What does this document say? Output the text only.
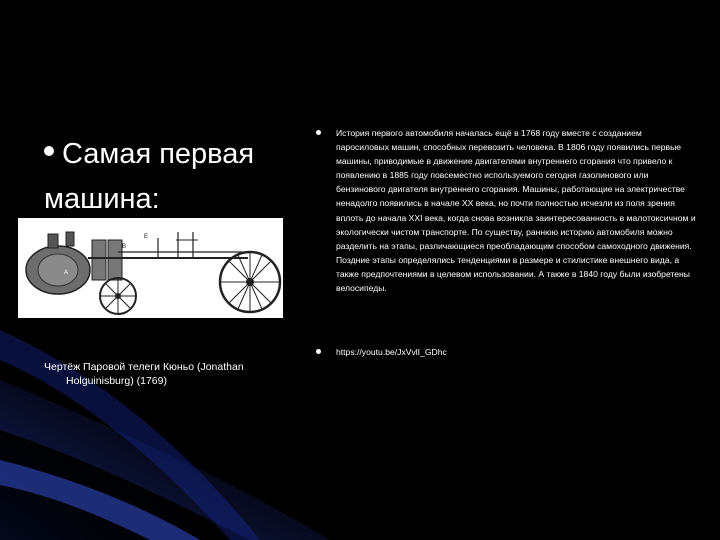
Самая первая
машина:
E
B
A
Чертёж Паровой телеги Кюньо (Jonathan
Holguinisburg) (1769)
История первого автомобиля началась ещё в 1768 году вместе с созданием паросиловых машин, способных перевозить человека. В 1806 году появились первые машины, приводимые в движение двигателями внутреннего сгорания что привело к появлению в 1885 году повсеместно используемого сегодня газолинового или бензинового двигателя внутреннего сгорания. Машины, работающие на электричестве ненадолго появились в начале XX века, но почти полностью исчезли из поля зрения вплоть до начала XXI века, когда снова возникла заинтересованность в малотоксичном и экологически чистом транспорте. По существу, раннюю историю автомобиля можно разделить на этапы, различающиеся преобладающим способом самоходного движения. Поздние этапы определялись тенденциями в размере и стилистике внешнего вида, а также предпочтениями в целевом использовании. А также в 1840 году были изобретены велосипеды.
https://youtu.be/JxVvlI_GDhc
